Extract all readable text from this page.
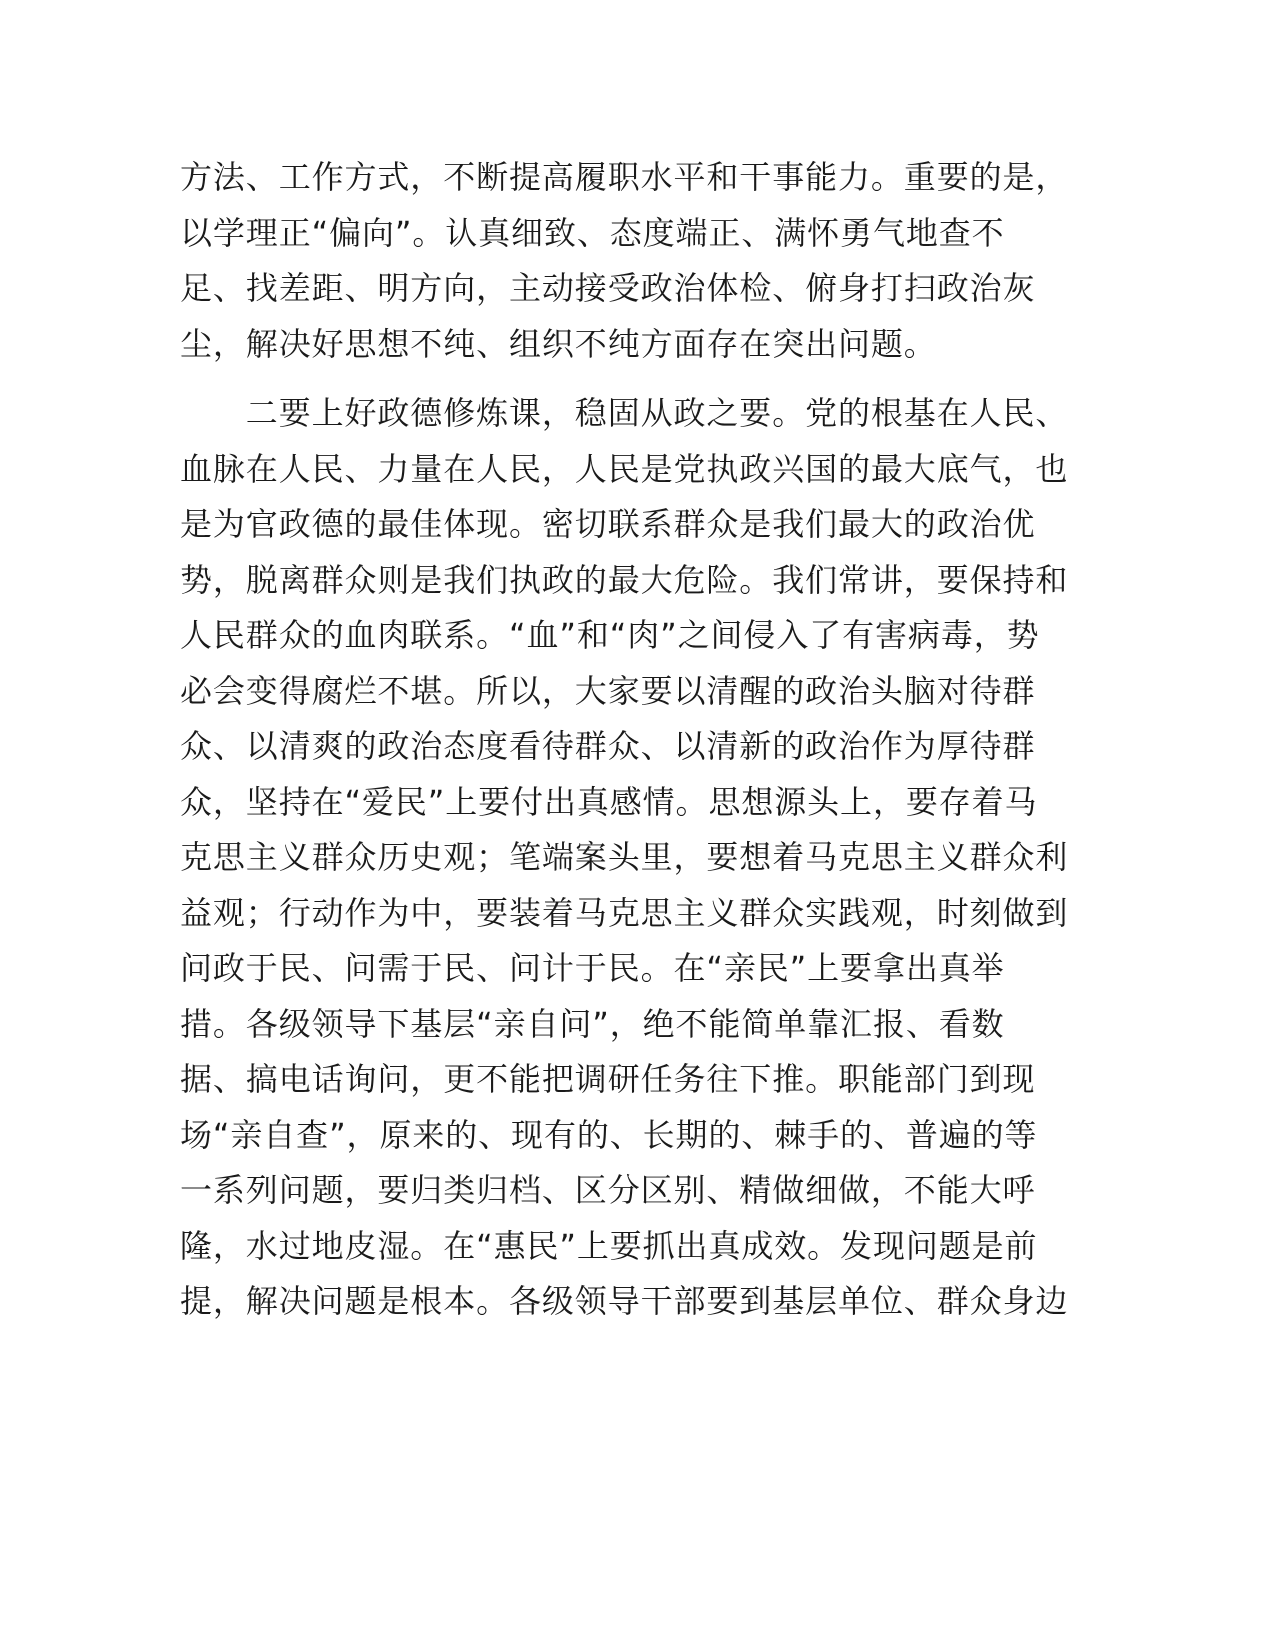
方法、工作方式，不断提高履职水平和干事能力。重要的是，
以学理正“偏向”。认真细致、态度端正、满怀勇气地查不
足、找差距、明方向，主动接受政治体检、俯身打扫政治灰
尘，解决好思想不纯、组织不纯方面存在突出问题。
　　二要上好政德修炼课，稳固从政之要。党的根基在人民、
血脉在人民、力量在人民，人民是党执政兴国的最大底气，也
是为官政德的最佳体现。密切联系群众是我们最大的政治优
势，脱离群众则是我们执政的最大危险。我们常讲，要保持和
人民群众的血肉联系。“血”和“肉”之间侵入了有害病毒，势
必会变得腐烂不堪。所以，大家要以清醒的政治头脑对待群
众、以清爽的政治态度看待群众、以清新的政治作为厚待群
众，坚持在“爱民”上要付出真感情。思想源头上，要存着马
克思主义群众历史观；笔端案头里，要想着马克思主义群众利
益观；行动作为中，要装着马克思主义群众实践观，时刻做到
问政于民、问需于民、问计于民。在“亲民”上要拿出真举
措。各级领导下基层“亲自问”，绝不能简单靠汇报、看数
据、搞电话询问，更不能把调研任务往下推。职能部门到现
场“亲自查”，原来的、现有的、长期的、棘手的、普遍的等
一系列问题，要归类归档、区分区别、精做细做，不能大呼
隆，水过地皮湿。在“惠民”上要抓出真成效。发现问题是前
提，解决问题是根本。各级领导干部要到基层单位、群众身边
